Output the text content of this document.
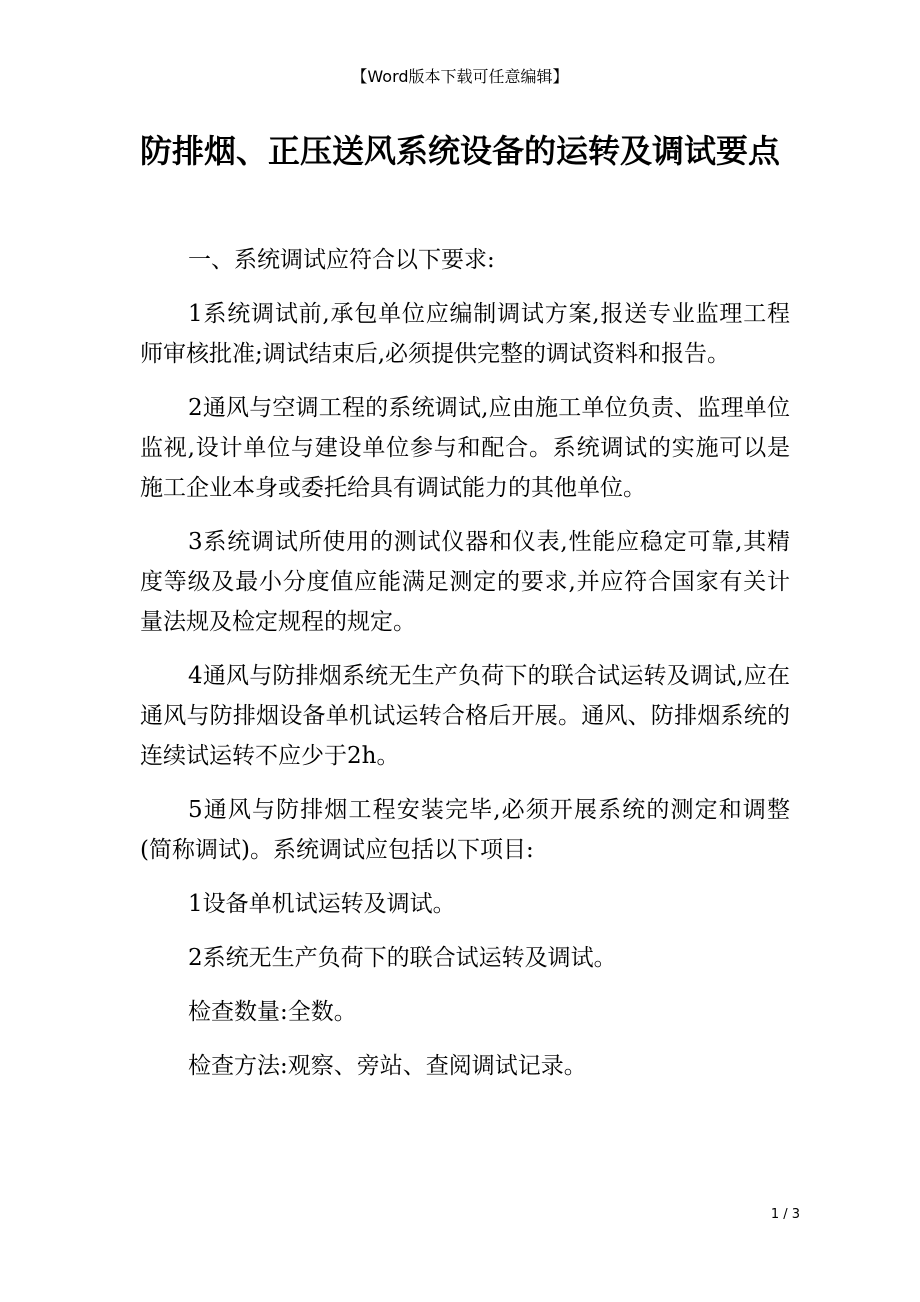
【Word版本下载可任意编辑】
防排烟、正压送风系统设备的运转及调试要点

一、系统调试应符合以下要求:

1系统调试前,承包单位应编制调试方案,报送专业监理工程师审核批准;调试结束后,必须提供完整的调试资料和报告。

2通风与空调工程的系统调试,应由施工单位负责、监理单位监视,设计单位与建设单位参与和配合。系统调试的实施可以是施工企业本身或委托给具有调试能力的其他单位。

3系统调试所使用的测试仪器和仪表,性能应稳定可靠,其精度等级及最小分度值应能满足测定的要求,并应符合国家有关计量法规及检定规程的规定。

4通风与防排烟系统无生产负荷下的联合试运转及调试,应在通风与防排烟设备单机试运转合格后开展。通风、防排烟系统的连续试运转不应少于2h。

5通风与防排烟工程安装完毕,必须开展系统的测定和调整(简称调试)。系统调试应包括以下项目:

1设备单机试运转及调试。

2系统无生产负荷下的联合试运转及调试。

检查数量:全数。

检查方法:观察、旁站、查阅调试记录。

1 / 3
